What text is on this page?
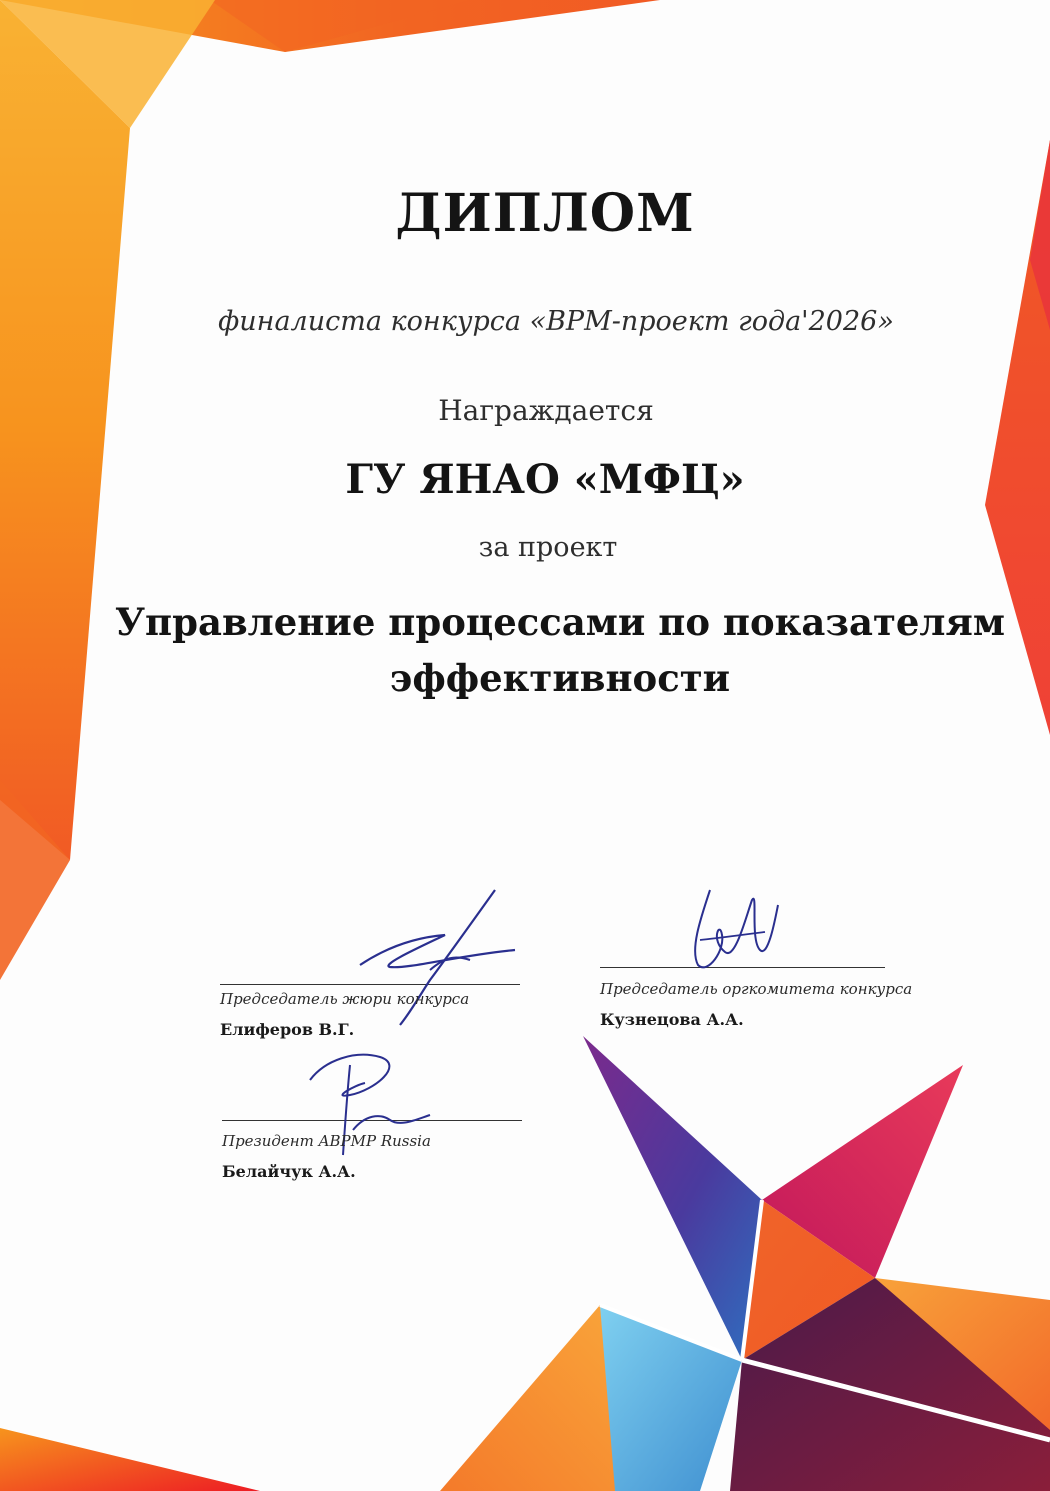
ДИПЛОМ

финалиста конкурса «BPM-проект года'2026»

Награждается

ГУ ЯНАО «МФЦ»

за проект

Управление процессами по показателям эффективности

Председатель жюри конкурса
Елиферов В.Г.
Председатель оргкомитета конкурса
Кузнецова А.А.
Президент ABPMP Russia
Белайчук А.А.
